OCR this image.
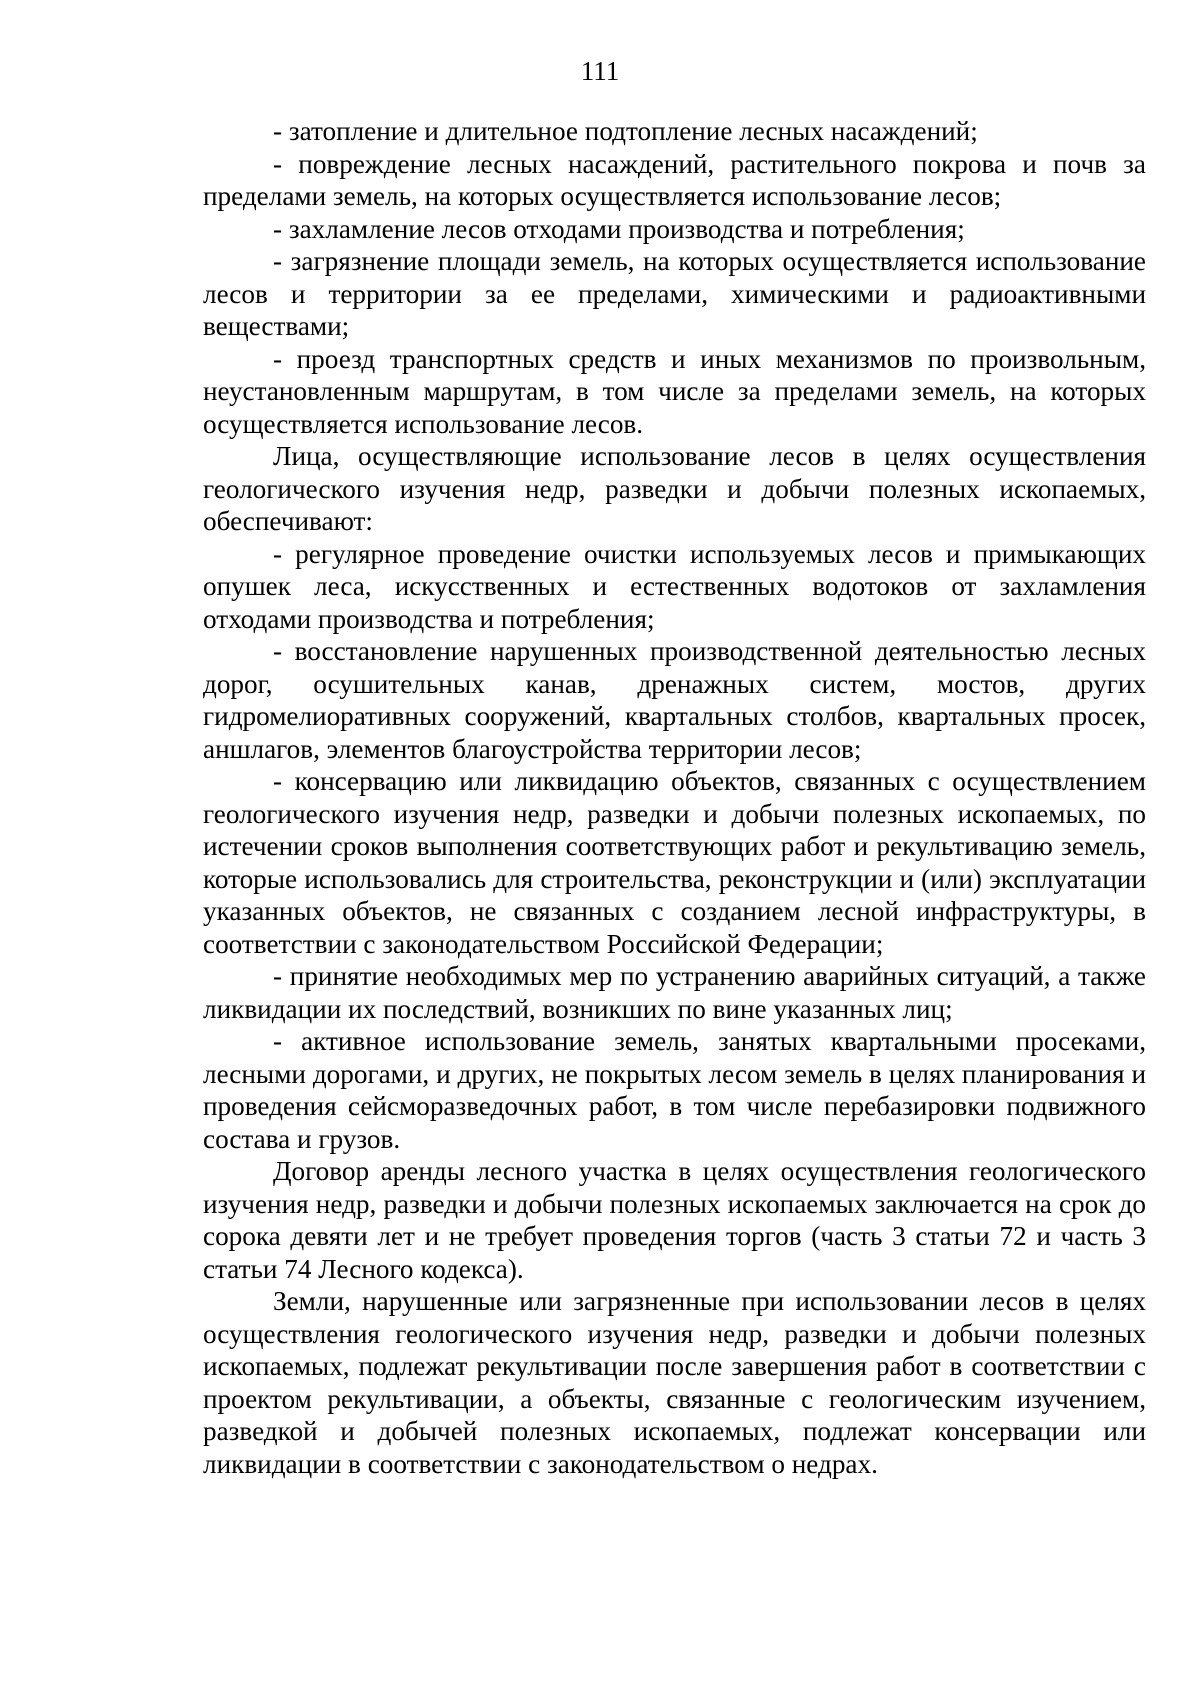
111

- затопление и длительное подтопление лесных насаждений;

- повреждение лесных насаждений, растительного покрова и почв за пределами земель, на которых осуществляется использование лесов;

- захламление лесов отходами производства и потребления;

- загрязнение площади земель, на которых осуществляется использование лесов и территории за ее пределами, химическими и радиоактивными веществами;

- проезд транспортных средств и иных механизмов по произвольным, неустановленным маршрутам, в том числе за пределами земель, на которых осуществляется использование лесов.

Лица, осуществляющие использование лесов в целях осуществления геологического изучения недр, разведки и добычи полезных ископаемых, обеспечивают:

- регулярное проведение очистки используемых лесов и примыкающих опушек леса, искусственных и естественных водотоков от захламления отходами производства и потребления;

- восстановление нарушенных производственной деятельностью лесных дорог, осушительных канав, дренажных систем, мостов, других гидромелиоративных сооружений, квартальных столбов, квартальных просек, аншлагов, элементов благоустройства территории лесов;

- консервацию или ликвидацию объектов, связанных с осуществлением геологического изучения недр, разведки и добычи полезных ископаемых, по истечении сроков выполнения соответствующих работ и рекультивацию земель, которые использовались для строительства, реконструкции и (или) эксплуатации указанных объектов, не связанных с созданием лесной инфраструктуры, в соответствии с законодательством Российской Федерации;

- принятие необходимых мер по устранению аварийных ситуаций, а также ликвидации их последствий, возникших по вине указанных лиц;

- активное использование земель, занятых квартальными просеками, лесными дорогами, и других, не покрытых лесом земель в целях планирования и проведения сейсморазведочных работ, в том числе перебазировки подвижного состава и грузов.

Договор аренды лесного участка в целях осуществления геологического изучения недр, разведки и добычи полезных ископаемых заключается на срок до сорока девяти лет и не требует проведения торгов (часть 3 статьи 72 и часть 3 статьи 74 Лесного кодекса).

Земли, нарушенные или загрязненные при использовании лесов в целях осуществления геологического изучения недр, разведки и добычи полезных ископаемых, подлежат рекультивации после завершения работ в соответствии с проектом рекультивации, а объекты, связанные с геологическим изучением, разведкой и добычей полезных ископаемых, подлежат консервации или ликвидации в соответствии с законодательством о недрах.
